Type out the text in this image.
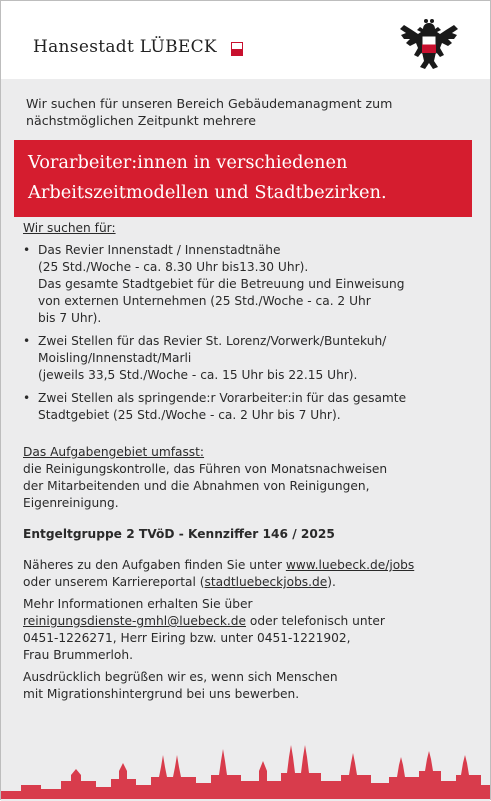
Hansestadt LÜBECK
Wir suchen für unseren Bereich Gebäudemanagment zum nächstmöglichen Zeitpunkt mehrere
Vorarbeiter:innen in verschiedenen
Arbeitszeitmodellen und Stadtbezirken.

Wir suchen für:

• Das Revier Innenstadt / Innenstadtnähe
(25 Std./Woche - ca. 8.30 Uhr bis13.30 Uhr).
Das gesamte Stadtgebiet für die Betreuung und Einweisung
von externen Unternehmen (25 Std./Woche - ca. 2 Uhr
bis 7 Uhr).
• Zwei Stellen für das Revier St. Lorenz/Vorwerk/Buntekuh/
Moisling/Innenstadt/Marli
(jeweils 33,5 Std./Woche - ca. 15 Uhr bis 22.15 Uhr).
• Zwei Stellen als springende:r Vorarbeiter:in für das gesamte
Stadtgebiet (25 Std./Woche - ca. 2 Uhr bis 7 Uhr).

Das Aufgabengebiet umfasst:

die Reinigungskontrolle, das Führen von Monatsnachweisen

der Mitarbeitenden und die Abnahmen von Reinigungen,

Eigenreinigung.

Entgeltgruppe 2 TVöD - Kennziffer 146 / 2025

Näheres zu den Aufgaben finden Sie unter www.luebeck.de/jobs

oder unserem Karriereportal (stadtluebeckjobs.de).

Mehr Informationen erhalten Sie über

reinigungsdienste-gmhl@luebeck.de oder telefonisch unter

0451-1226271, Herr Eiring bzw. unter 0451-1221902,

Frau Brummerloh.

Ausdrücklich begrüßen wir es, wenn sich Menschen

mit Migrationshintergrund bei uns bewerben.
